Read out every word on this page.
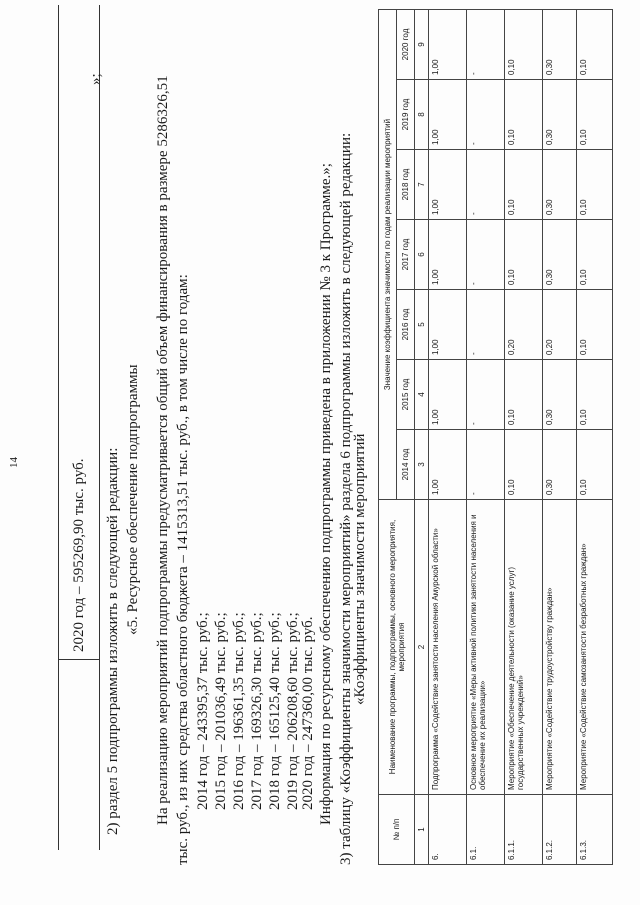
14	2020 год – 595269,90 тыс. руб.
»;
2) раздел 5 подпрограммы изложить в следующей редакции: «5. Ресурсное обеспечение подпрограммы На реализацию мероприятий подпрограммы предусматривается общий объем финансирования в размере 5286326,51 тыс. руб., из них средства областного бюджета – 1415313,51 тыс. руб., в том числе по годам: 2014 год – 243395,37 тыс. руб.; 2015 год – 201036,49 тыс. руб.; 2016 год – 196361,35 тыс. руб.; 2017 год – 169326,30 тыс. руб.; 2018 год – 165125,40 тыс. руб.; 2019 год – 206208,60 тыс. руб.; 2020 год – 247360,00 тыс. руб. Информация по ресурсному обеспечению подпрограммы приведена в приложении № 3 к Программе.»; 3) таблицу «Коэффициенты значимости мероприятий» раздела 6 подпрограммы изложить в следующей редакции:
«Коэффициенты значимости мероприятий
№ п/п	Наименование программы, подпрограммы, основного мероприятия, мероприятия	Значение коэффициента значимости по годам реализации мероприятий						
		2014 год	2015 год	2016 год	2017 год	2018 год	2019 год	2020 год
1	2	3	4	5	6	7	8	9
6.	Подпрограмма «Содействие занятости населения Амурской области»	1,00	1,00	1,00	1,00	1,00	1,00	1,00
6.1.	Основное мероприятие «Меры активной политики занятости населения и обеспечение их реализации»	-	-	-	-	-	-	-
6.1.1.	Мероприятие «Обеспечение деятельности (оказание услуг) государственных учреждений»	0,10	0,10	0,20	0,10	0,10	0,10	0,10
6.1.2.	Мероприятие «Содействие трудоустройству граждан»	0,30	0,30	0,20	0,30	0,30	0,30	0,30
6.1.3.	Мероприятие «Содействие самозанятости безработных граждан»	0,10	0,10	0,10	0,10	0,10	0,10	0,10
